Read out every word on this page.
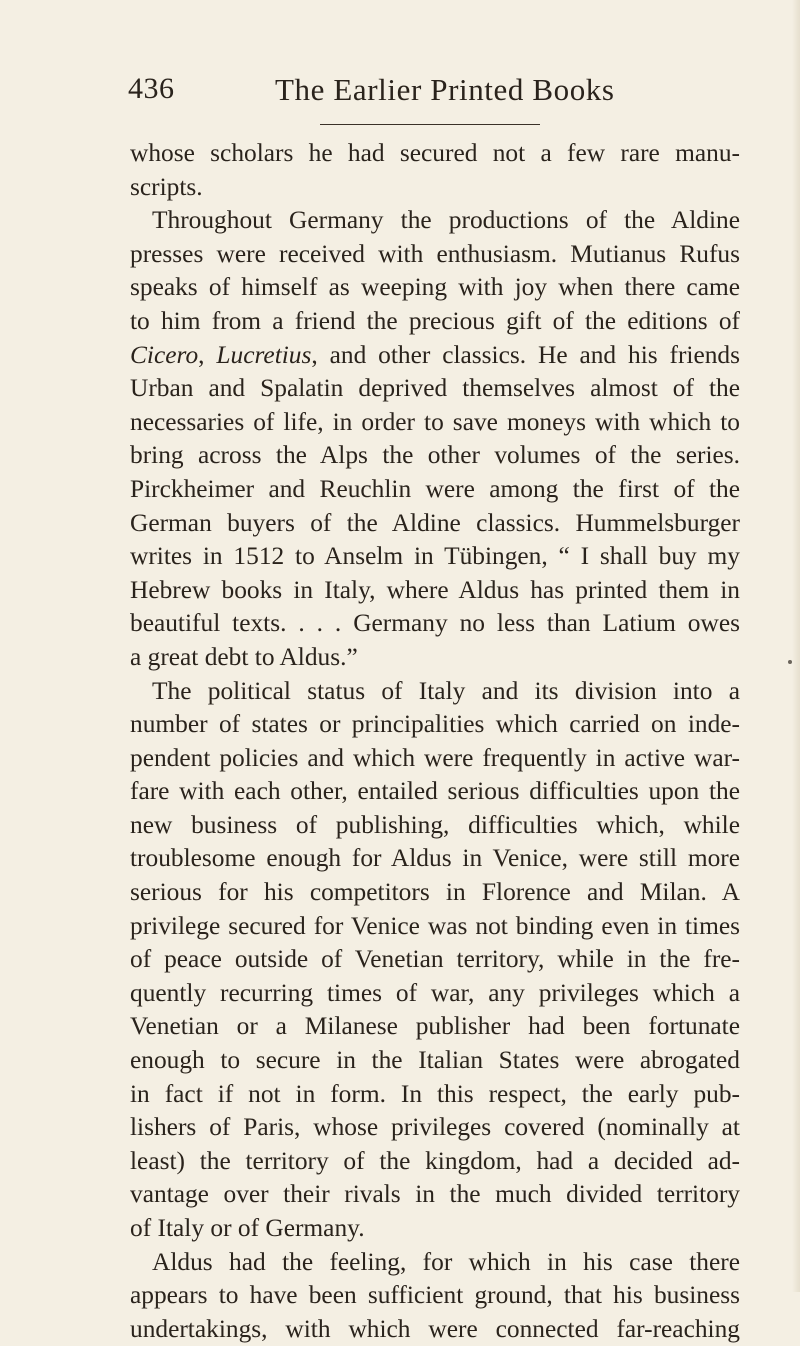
436	The Earlier Printed Books
whose scholars he had secured not a few rare manu-
scripts.
Throughout Germany the productions of the Aldine
presses were received with enthusiasm. Mutianus Rufus
speaks of himself as weeping with joy when there came
to him from a friend the precious gift of the editions of
Cicero, Lucretius, and other classics. He and his friends
Urban and Spalatin deprived themselves almost of the
necessaries of life, in order to save moneys with which to
bring across the Alps the other volumes of the series.
Pirckheimer and Reuchlin were among the first of the
German buyers of the Aldine classics. Hummelsburger
writes in 1512 to Anselm in Tübingen, “ I shall buy my
Hebrew books in Italy, where Aldus has printed them in
beautiful texts. . . . Germany no less than Latium owes
a great debt to Aldus.”
The political status of Italy and its division into a
number of states or principalities which carried on inde-
pendent policies and which were frequently in active war-
fare with each other, entailed serious difficulties upon the
new business of publishing, difficulties which, while
troublesome enough for Aldus in Venice, were still more
serious for his competitors in Florence and Milan. A
privilege secured for Venice was not binding even in times
of peace outside of Venetian territory, while in the fre-
quently recurring times of war, any privileges which a
Venetian or a Milanese publisher had been fortunate
enough to secure in the Italian States were abrogated
in fact if not in form. In this respect, the early pub-
lishers of Paris, whose privileges covered (nominally at
least) the territory of the kingdom, had a decided ad-
vantage over their rivals in the much divided territory
of Italy or of Germany.
Aldus had the feeling, for which in his case there
appears to have been sufficient ground, that his business
undertakings, with which were connected far-reaching
